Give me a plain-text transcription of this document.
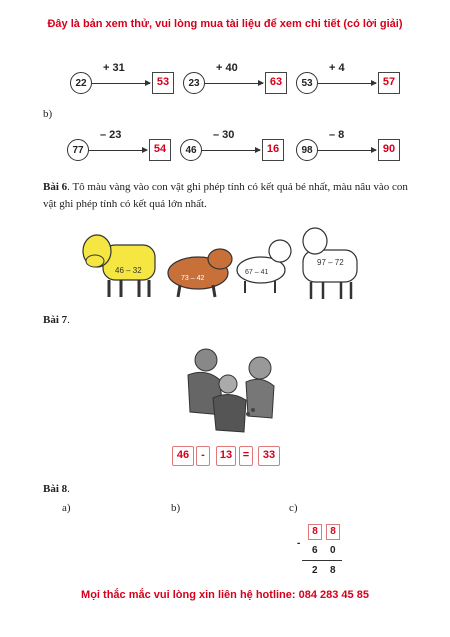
Đây là bản xem thử, vui lòng mua tài liệu để xem chi tiết (có lời giải)
22
+ 31
53	23
+ 40
63	53
+ 4
57
b)
77
– 23
54	46
– 30
16	98
– 8
90
Bài 6. Tô màu vàng vào con vật ghi phép tính có kết quả bé nhất, màu nâu vào con vật ghi phép tính có kết quả lớn nhất.
46 – 32
73 – 42
67 – 41
97 – 72
Bài 7.
46	-	13 =	33
Bài 8.
a)	b)	c)
8	8
-
6 0
2 8
Mọi thắc mắc vui lòng xin liên hệ hotline: 084 283 45 85
